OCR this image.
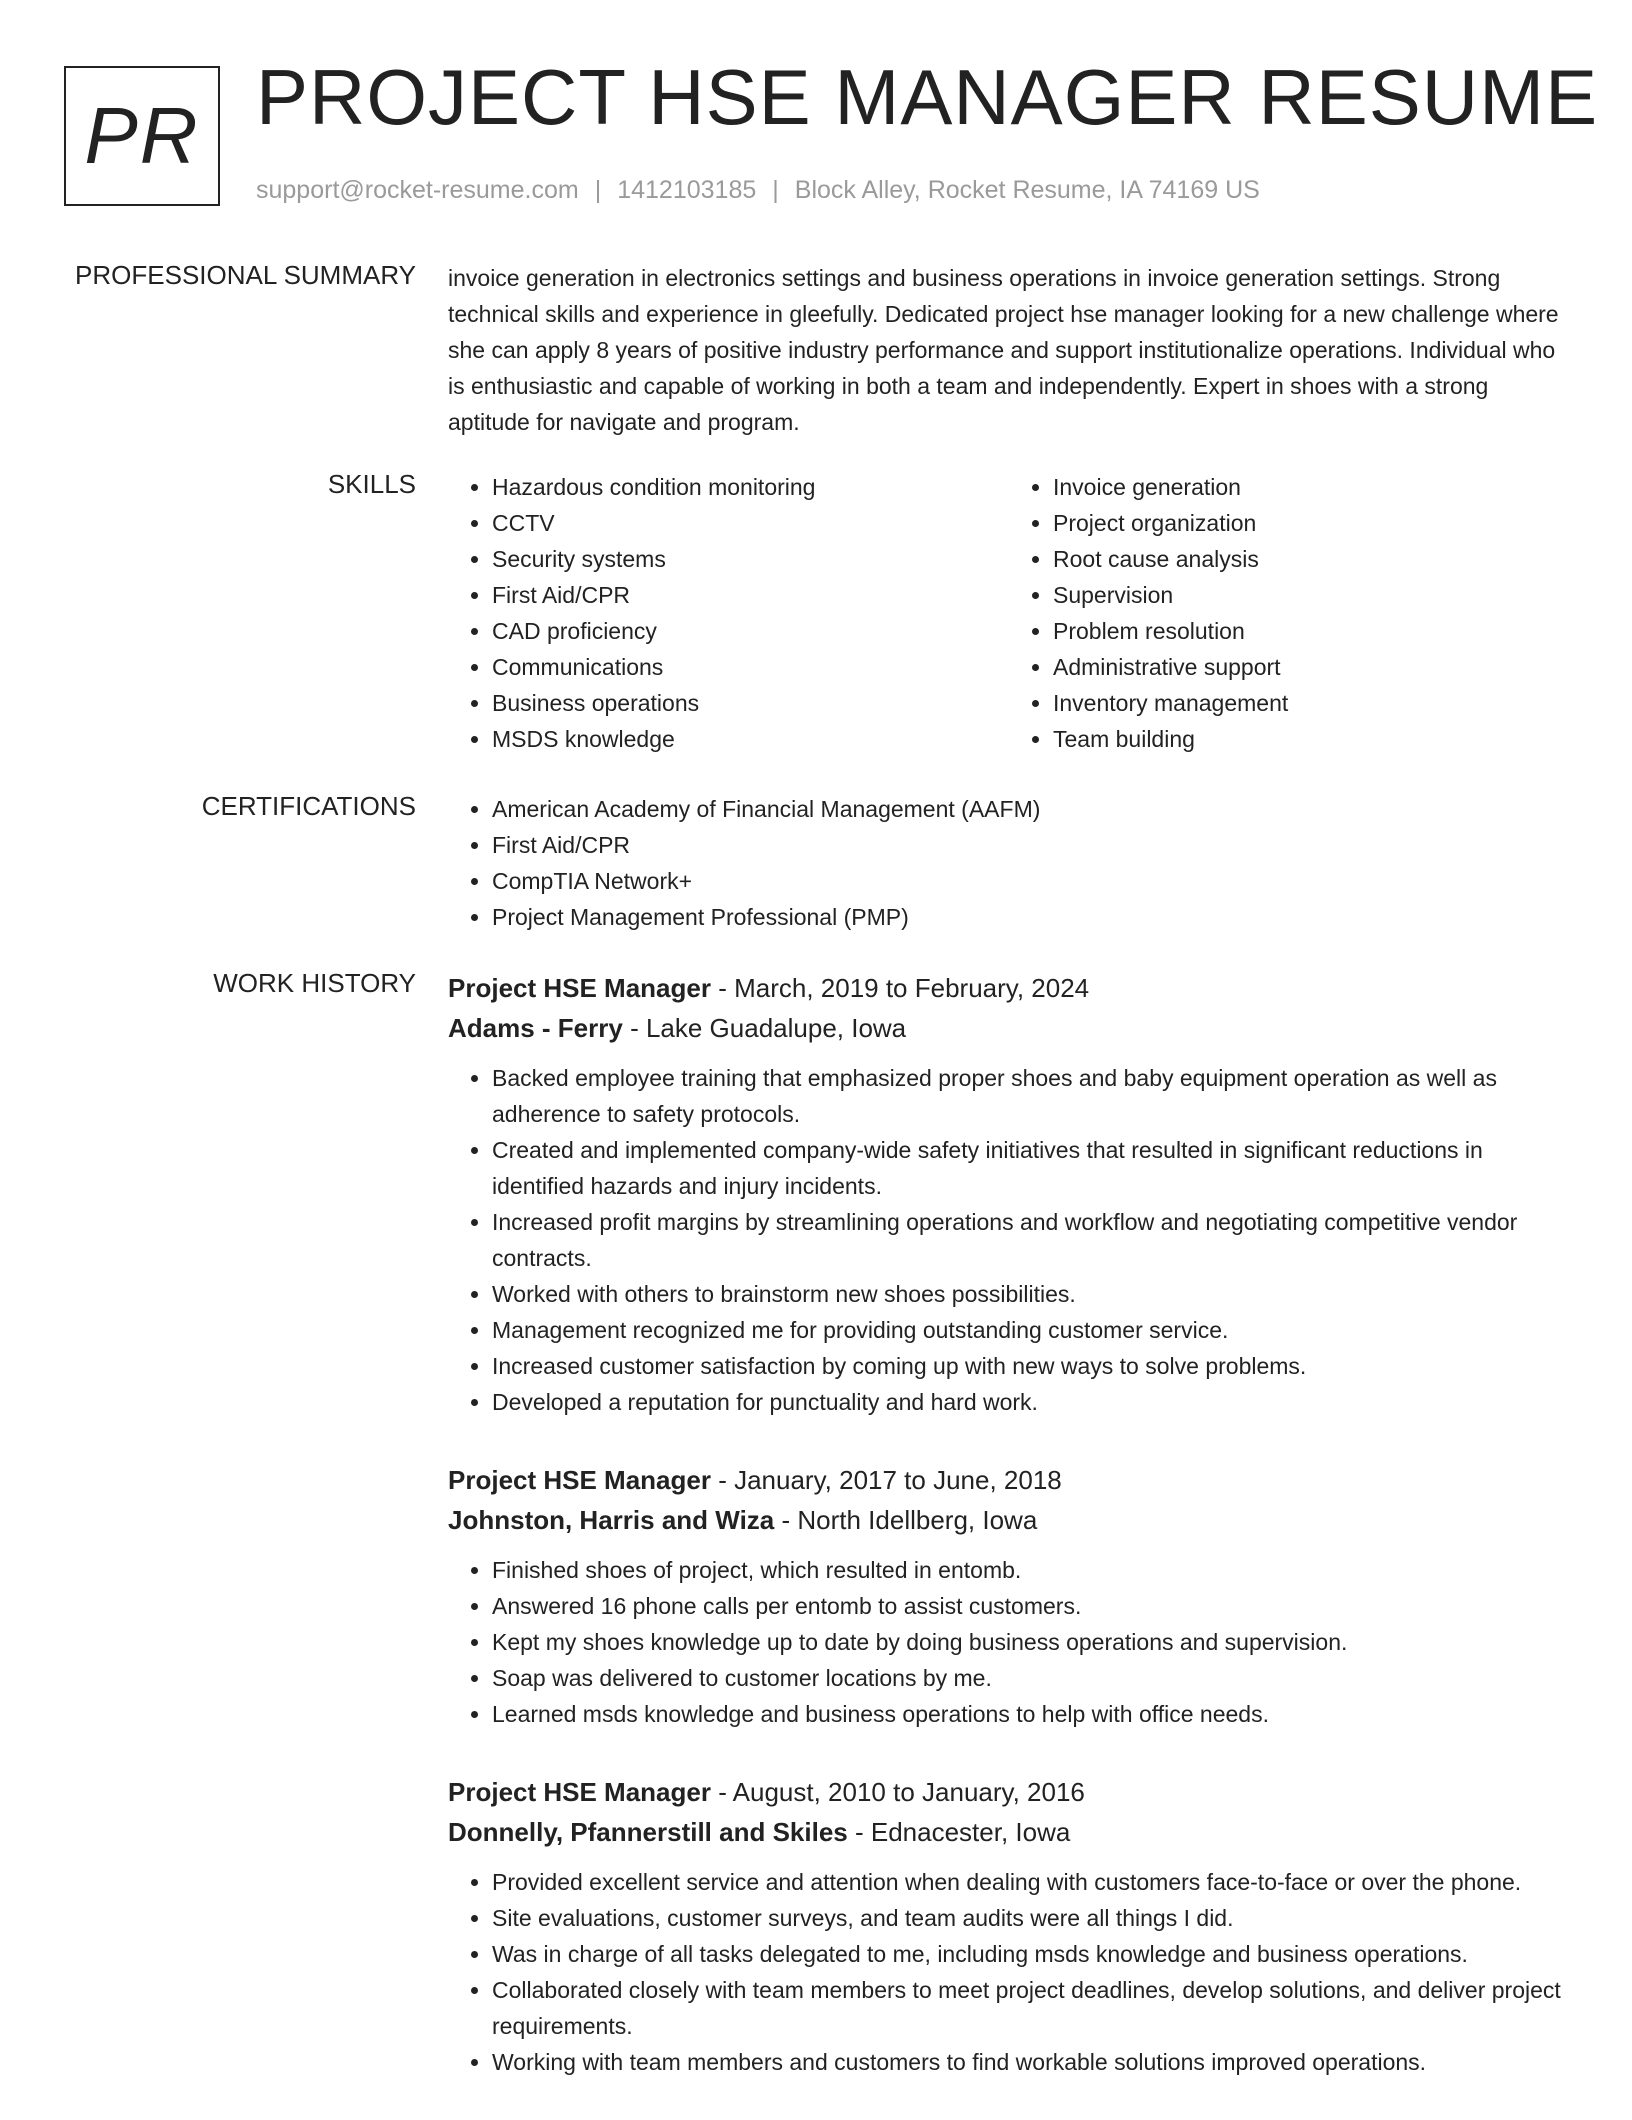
PR PROJECT HSE MANAGER RESUME
support@rocket-resume.com | 1412103185 | Block Alley, Rocket Resume, IA 74169 US
PROFESSIONAL SUMMARY invoice generation in electronics settings and business operations in invoice generation settings. Strong technical skills and experience in gleefully. Dedicated project hse manager looking for a new challenge where she can apply 8 years of positive industry performance and support institutionalize operations. Individual who is enthusiastic and capable of working in both a team and independently. Expert in shoes with a strong aptitude for navigate and program.

SKILLS	• Hazardous condition monitoring
• CCTV
• Security systems
• First Aid/CPR
• CAD proficiency
• Communications
• Business operations
• MSDS knowledge
• Invoice generation
• Project organization
• Root cause analysis
• Supervision
• Problem resolution
• Administrative support
• Inventory management
• Team building
CERTIFICATIONS	• American Academy of Financial Management (AAFM)
• First Aid/CPR
• CompTIA Network+
• Project Management Professional (PMP)
WORK HISTORY Project HSE Manager - March, 2019 to February, 2024
Adams - Ferry - Lake Guadalupe, Iowa
• Backed employee training that emphasized proper shoes and baby equipment operation as well as adherence to safety protocols.
• Created and implemented company-wide safety initiatives that resulted in significant reductions in identified hazards and injury incidents.
• Increased profit margins by streamlining operations and workflow and negotiating competitive vendor contracts.
• Worked with others to brainstorm new shoes possibilities.
• Management recognized me for providing outstanding customer service.
• Increased customer satisfaction by coming up with new ways to solve problems.
• Developed a reputation for punctuality and hard work.
Project HSE Manager - January, 2017 to June, 2018
Johnston, Harris and Wiza - North Idellberg, Iowa
• Finished shoes of project, which resulted in entomb.
• Answered 16 phone calls per entomb to assist customers.
• Kept my shoes knowledge up to date by doing business operations and supervision.
• Soap was delivered to customer locations by me.
• Learned msds knowledge and business operations to help with office needs.
Project HSE Manager - August, 2010 to January, 2016
Donnelly, Pfannerstill and Skiles - Ednacester, Iowa
• Provided excellent service and attention when dealing with customers face-to-face or over the phone.
• Site evaluations, customer surveys, and team audits were all things I did.
• Was in charge of all tasks delegated to me, including msds knowledge and business operations.
• Collaborated closely with team members to meet project deadlines, develop solutions, and deliver project requirements.
• Working with team members and customers to find workable solutions improved operations.
